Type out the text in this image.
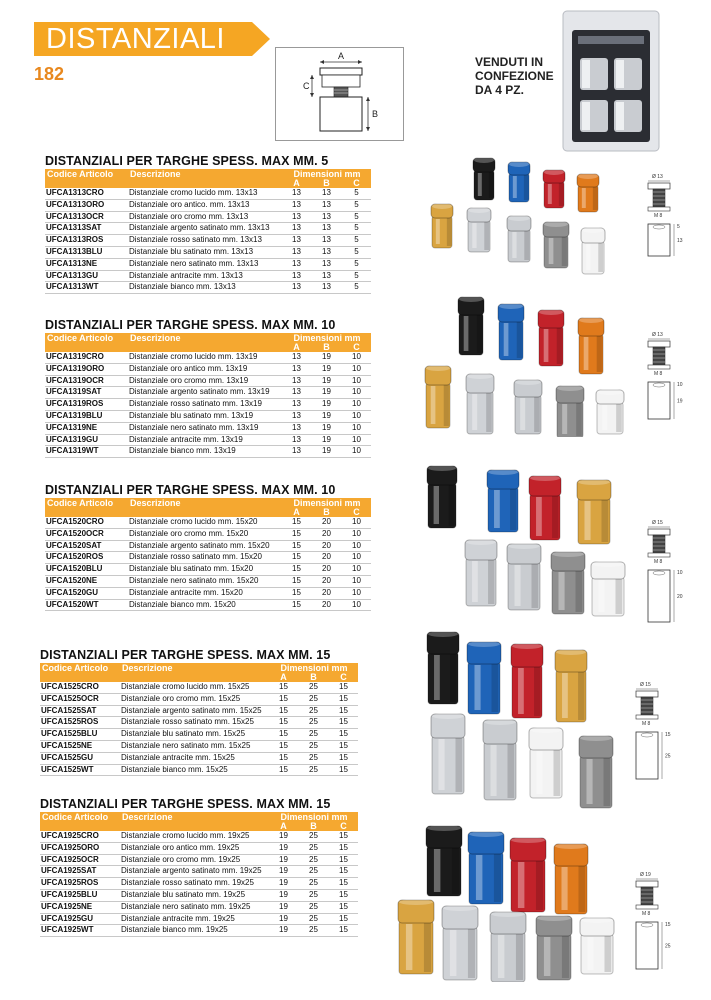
DISTANZIALI
182
A
C
B
VENDUTI IN
CONFEZIONE
DA 4 PZ.
DISTANZIALI PER TARGHE SPESS. MAX MM. 5
Codice Articolo	Descrizione	Dimensioni mm		
		A	B	C
UFCA1313CRO	Distanziale cromo lucido mm. 13x13	13	13	5
UFCA1313ORO	Distanziale oro antico. mm. 13x13	13	13	5
UFCA1313OCR	Distanziale oro cromo mm. 13x13	13	13	5
UFCA1313SAT	Distanziale argento satinato mm. 13x13	13	13	5
UFCA1313ROS	Distanziale rosso satinato mm. 13x13	13	13	5
UFCA1313BLU	Distanziale blu satinato mm. 13x13	13	13	5
UFCA1313NE	Distanziale nero satinato mm. 13x13	13	13	5
UFCA1313GU	Distanziale antracite mm. 13x13	13	13	5
UFCA1313WT	Distanziale bianco mm. 13x13	13	13	5
DISTANZIALI PER TARGHE SPESS. MAX MM. 10
Codice Articolo	Descrizione	Dimensioni mm		
		A	B	C
UFCA1319CRO	Distanziale cromo lucido mm. 13x19	13	19	10
UFCA1319ORO	Distanziale oro antico mm. 13x19	13	19	10
UFCA1319OCR	Distanziale oro cromo mm. 13x19	13	19	10
UFCA1319SAT	Distanziale argento satinato mm. 13x19	13	19	10
UFCA1319ROS	Distanziale rosso satinato mm. 13x19	13	19	10
UFCA1319BLU	Distanziale blu satinato mm. 13x19	13	19	10
UFCA1319NE	Distanziale nero satinato mm. 13x19	13	19	10
UFCA1319GU	Distanziale antracite mm. 13x19	13	19	10
UFCA1319WT	Distanziale bianco mm. 13x19	13	19	10
DISTANZIALI PER TARGHE SPESS. MAX MM. 10
Codice Articolo	Descrizione	Dimensioni mm		
		A	B	C
UFCA1520CRO	Distanziale cromo lucido mm. 15x20	15	20	10
UFCA1520OCR	Distanziale oro cromo mm. 15x20	15	20	10
UFCA1520SAT	Distanziale argento satinato mm. 15x20	15	20	10
UFCA1520ROS	Distanziale rosso satinato mm. 15x20	15	20	10
UFCA1520BLU	Distanziale blu satinato mm. 15x20	15	20	10
UFCA1520NE	Distanziale nero satinato mm. 15x20	15	20	10
UFCA1520GU	Distanziale antracite mm. 15x20	15	20	10
UFCA1520WT	Distanziale bianco mm. 15x20	15	20	10
DISTANZIALI PER TARGHE SPESS. MAX MM. 15
Codice Articolo	Descrizione	Dimensioni mm		
		A	B	C
UFCA1525CRO	Distanziale cromo lucido mm. 15x25	15	25	15
UFCA1525OCR	Distanziale oro cromo mm. 15x25	15	25	15
UFCA1525SAT	Distanziale argento satinato mm. 15x25	15	25	15
UFCA1525ROS	Distanziale rosso satinato mm. 15x25	15	25	15
UFCA1525BLU	Distanziale blu satinato mm. 15x25	15	25	15
UFCA1525NE	Distanziale nero satinato mm. 15x25	15	25	15
UFCA1525GU	Distanziale antracite mm. 15x25	15	25	15
UFCA1525WT	Distanziale bianco mm. 15x25	15	25	15
DISTANZIALI PER TARGHE SPESS. MAX MM. 15
Codice Articolo	Descrizione	Dimensioni mm		
		A	B	C
UFCA1925CRO	Distanziale cromo lucido mm. 19x25	19	25	15
UFCA1925ORO	Distanziale oro antico mm. 19x25	19	25	15
UFCA1925OCR	Distanziale oro cromo mm. 19x25	19	25	15
UFCA1925SAT	Distanziale argento satinato mm. 19x25	19	25	15
UFCA1925ROS	Distanziale rosso satinato mm. 19x25	19	25	15
UFCA1925BLU	Distanziale blu satinato mm. 19x25	19	25	15
UFCA1925NE	Distanziale nero satinato mm. 19x25	19	25	15
UFCA1925GU	Distanziale antracite mm. 19x25	19	25	15
UFCA1925WT	Distanziale bianco mm. 19x25	19	25	15
Ø 13
M 8
5
13
Ø 13
M 8
10
19
Ø 15
M 8
10
20
Ø 15
M 8
15
25
Ø 19
M 8
15
25
